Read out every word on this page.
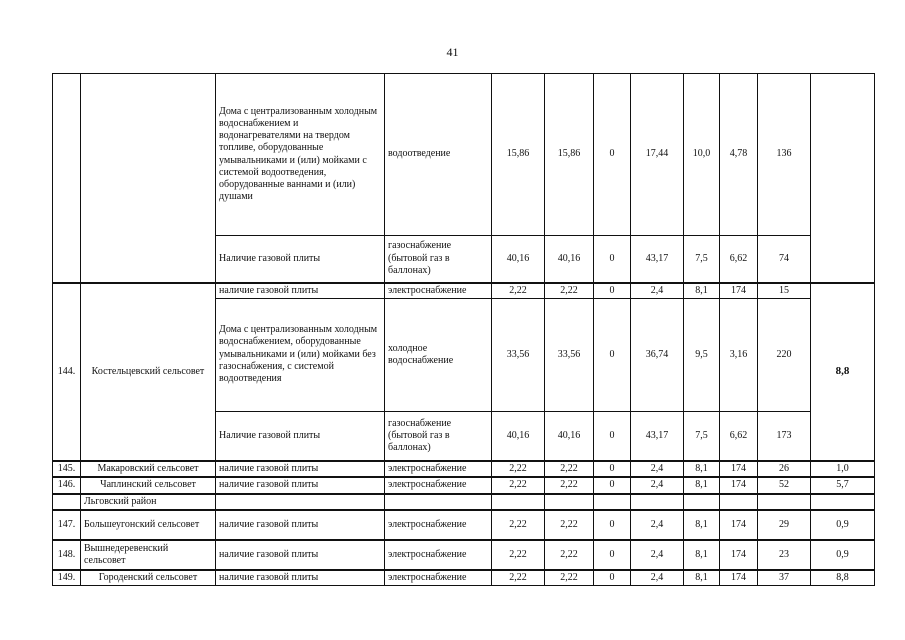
41
		Дома с централизованным холодным водоснабжением и водонагревателями на твердом топливе, оборудованные умывальниками и (или) мойками с системой водоотведения, оборудованные ваннами и (или) душами	водоотведение	15,86	15,86	0	17,44	10,0	4,78	136	
		Наличие газовой плиты	газоснабжение (бытовой газ в баллонах)	40,16	40,16	0	43,17	7,5	6,62	74	
144.	Костельцевский сельсовет	наличие газовой плиты	электроснабжение	2,22	2,22	0	2,4	8,1	174	15	8,8
		Дома с централизованным холодным водоснабжением, оборудованные умывальниками и (или) мойками без газоснабжения, с системой водоотведения	холодное водоснабжение	33,56	33,56	0	36,74	9,5	3,16	220	
		Наличие газовой плиты	газоснабжение (бытовой газ в баллонах)	40,16	40,16	0	43,17	7,5	6,62	173	
145.	Макаровский сельсовет	наличие газовой плиты	электроснабжение	2,22	2,22	0	2,4	8,1	174	26	1,0
146.	Чаплинский сельсовет	наличие газовой плиты	электроснабжение	2,22	2,22	0	2,4	8,1	174	52	5,7
	Льговский район										
147.	Большеугонский сельсовет	наличие газовой плиты	электроснабжение	2,22	2,22	0	2,4	8,1	174	29	0,9
148.	Вышнедеревенский сельсовет	наличие газовой плиты	электроснабжение	2,22	2,22	0	2,4	8,1	174	23	0,9
149.	Городенский сельсовет	наличие газовой плиты	электроснабжение	2,22	2,22	0	2,4	8,1	174	37	8,8
